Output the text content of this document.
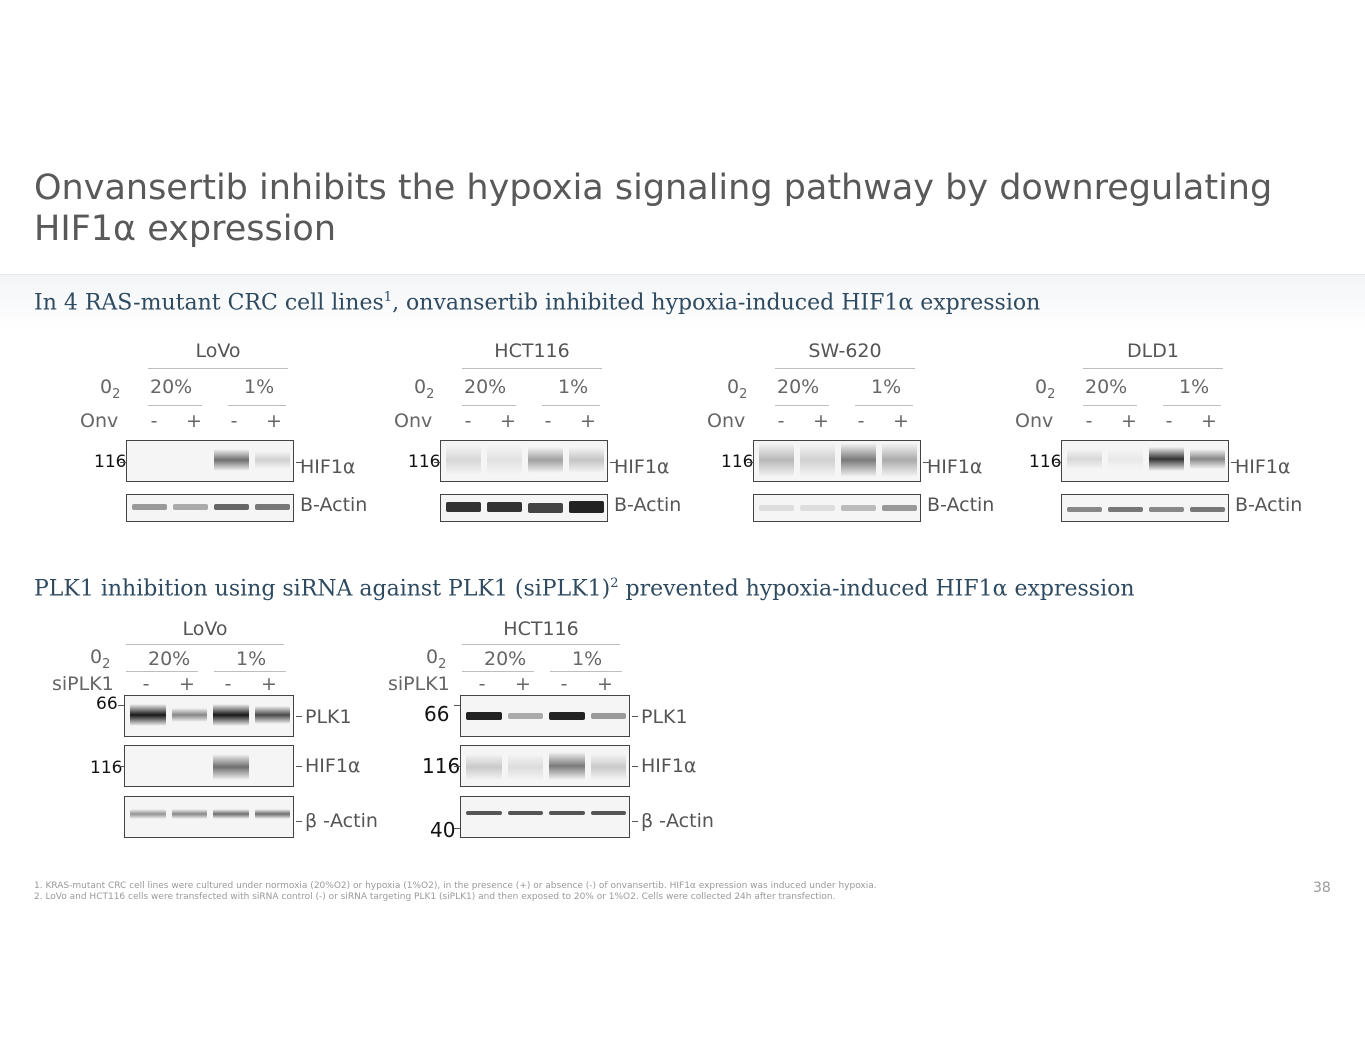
Onvansertib inhibits the hypoxia signaling pathway by downregulating HIF1α expression
In 4 RAS-mutant CRC cell lines$^1$, onvansertib inhibited hypoxia-induced HIF1α expression
LoVo
$0_2$ 20%	1%
Onv	-	+	-	+
116	HIF1α
B-Actin
HCT116
$0_2$ 20%	1%
Onv	-	+	-	+
116	HIF1α
B-Actin
SW-620
$0_2$ 20%	1%
Onv	-	+	-	+
116	HIF1α
B-Actin
DLD1
$0_2$ 20%	1%
Onv	-	+	-	+
116	HIF1α
B-Actin
PLK1 inhibition using siRNA against PLK1 (siPLK1)$^2$ prevented hypoxia-induced HIF1α expression
LoVo
$0_2$ 20% 1%
siPLK1	-	+	-	+
66
PLK1
116	HIF1α
β -Actin
HCT116
$0_2$ 20% 1%
siPLK1	-	+	-	+
66	PLK1
116	HIF1α
40	β -Actin
1. KRAS-mutant CRC cell lines were cultured under normoxia (20%O2) or hypoxia (1%O2), in the presence (+) or absence (-) of onvansertib. HIF1α expression was induced under hypoxia.
2. LoVo and HCT116 cells were transfected with siRNA control (-) or siRNA targeting PLK1 (siPLK1) and then exposed to 20% or 1%O2. Cells were collected 24h after transfection.
38
